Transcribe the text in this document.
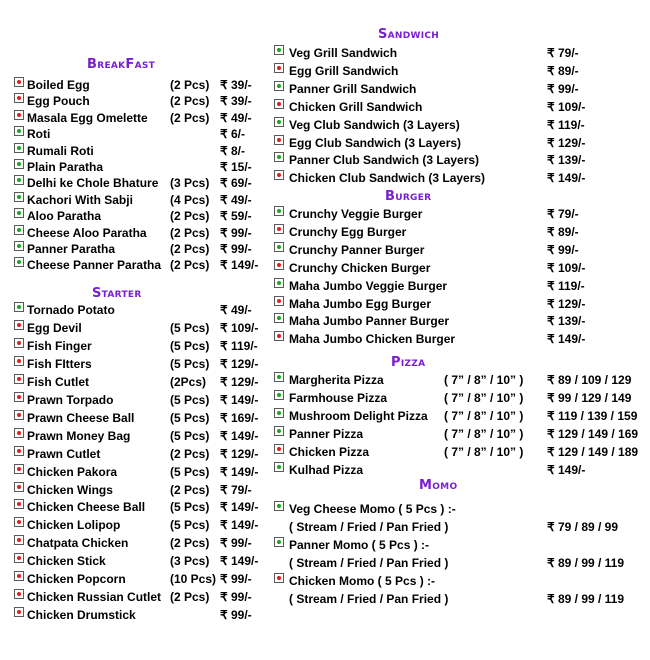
BreakFast
Boiled Egg	(2 Pcs) ₹ 39/-
Egg Pouch	(2 Pcs) ₹ 39/-
Masala Egg Omelette (2 Pcs) ₹ 49/-
Roti	₹ 6/-
Rumali Roti	₹ 8/-
Plain Paratha	₹ 15/-
Delhi ke Chole Bhature (3 Pcs) ₹ 69/-
Kachori With Sabji	(4 Pcs) ₹ 49/-
Aloo Paratha	(2 Pcs) ₹ 59/-
Cheese Aloo Paratha (2 Pcs) ₹ 99/-
Panner Paratha	(2 Pcs) ₹ 99/-
Cheese Panner Paratha (2 Pcs) ₹ 149/-
Starter
Tornado Potato	₹ 49/-
Egg Devil	(5 Pcs) ₹ 109/-
Fish Finger	(5 Pcs) ₹ 119/-
Fish FItters	(5 Pcs) ₹ 129/-
Fish Cutlet	(2Pcs) ₹ 129/-
Prawn Torpado	(5 Pcs) ₹ 149/-
Prawn Cheese Ball	(5 Pcs) ₹ 169/-
Prawn Money Bag	(5 Pcs) ₹ 149/-
Prawn Cutlet	(2 Pcs) ₹ 129/-
Chicken Pakora	(5 Pcs) ₹ 149/-
Chicken Wings	(2 Pcs) ₹ 79/-
Chicken Cheese Ball (5 Pcs) ₹ 149/-
Chicken Lolipop	(5 Pcs) ₹ 149/-
Chatpata Chicken	(2 Pcs) ₹ 99/-
Chicken Stick	(3 Pcs) ₹ 149/-
Chicken Popcorn	(10 Pcs) ₹ 99/-
Chicken Russian Cutlet (2 Pcs) ₹ 99/-
Chicken Drumstick	₹ 99/-
Sandwich
Veg Grill Sandwich	₹ 79/-
Egg Grill Sandwich	₹ 89/-
Panner Grill Sandwich	₹ 99/-
Chicken Grill Sandwich	₹ 109/-
Veg Club Sandwich (3 Layers)	₹ 119/-
Egg Club Sandwich (3 Layers)	₹ 129/-
Panner Club Sandwich (3 Layers)	₹ 139/-
Chicken Club Sandwich (3 Layers)	₹ 149/-
Burger
Crunchy Veggie Burger	₹ 79/-
Crunchy Egg Burger	₹ 89/-
Crunchy Panner Burger	₹ 99/-
Crunchy Chicken Burger	₹ 109/-
Maha Jumbo Veggie Burger	₹ 119/-
Maha Jumbo Egg Burger	₹ 129/-
Maha Jumbo Panner Burger	₹ 139/-
Maha Jumbo Chicken Burger	₹ 149/-
Pizza
Margherita Pizza	( 7” / 8” / 10” ) ₹ 89 / 109 / 129
Farmhouse Pizza	( 7” / 8” / 10” ) ₹ 99 / 129 / 149
Mushroom Delight Pizza ( 7” / 8” / 10” ) ₹ 119 / 139 / 159
Panner Pizza	( 7” / 8” / 10” ) ₹ 129 / 149 / 169
Chicken Pizza	( 7” / 8” / 10” ) ₹ 129 / 149 / 189
Kulhad Pizza	₹ 149/-
Momo
Veg Cheese Momo ( 5 Pcs ) :-
( Stream / Fried / Pan Fried )	₹ 79 / 89 / 99
Panner Momo ( 5 Pcs ) :-
( Stream / Fried / Pan Fried )	₹ 89 / 99 / 119
Chicken Momo ( 5 Pcs ) :-
( Stream / Fried / Pan Fried )	₹ 89 / 99 / 119
